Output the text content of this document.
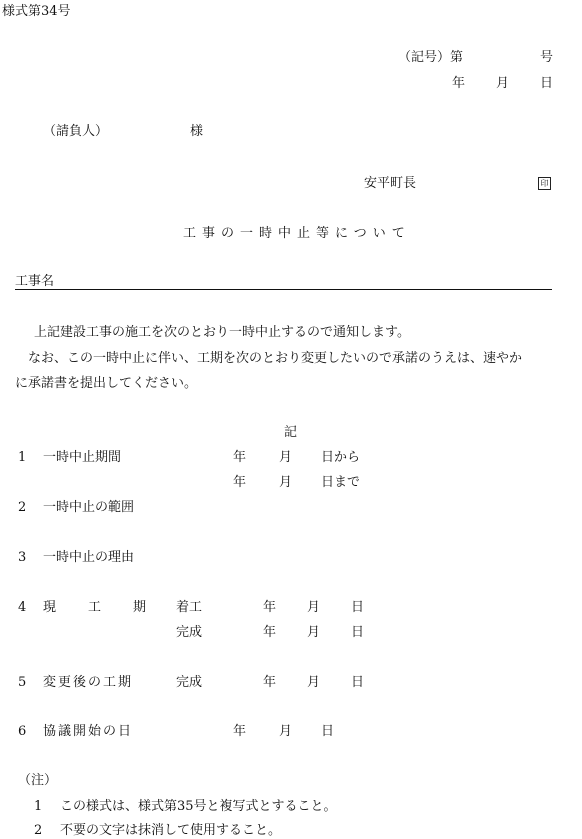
様式第34号
（記号）第	号
年 月 日
（請負人）	様
安平町長	印
工事の一時中止等について
工事名
上記建設工事の施工を次のとおり一時中止するので通知します。
なお、この一時中止に伴い、工期を次のとおり変更したいので承諾のうえは、速やか
に承諾書を提出してください。
記
1 一時中止期間	年	月 日から
年	月 日まで
2 一時中止の範囲
3 一時中止の理由
4 現 工 期 着工	年 月 日
完成	年 月 日
5 変更後の工期	完成	年 月 日
6 協議開始の日	年	月 日
（注）
1 この様式は、様式第35号と複写式とすること。
2 不要の文字は抹消して使用すること。
